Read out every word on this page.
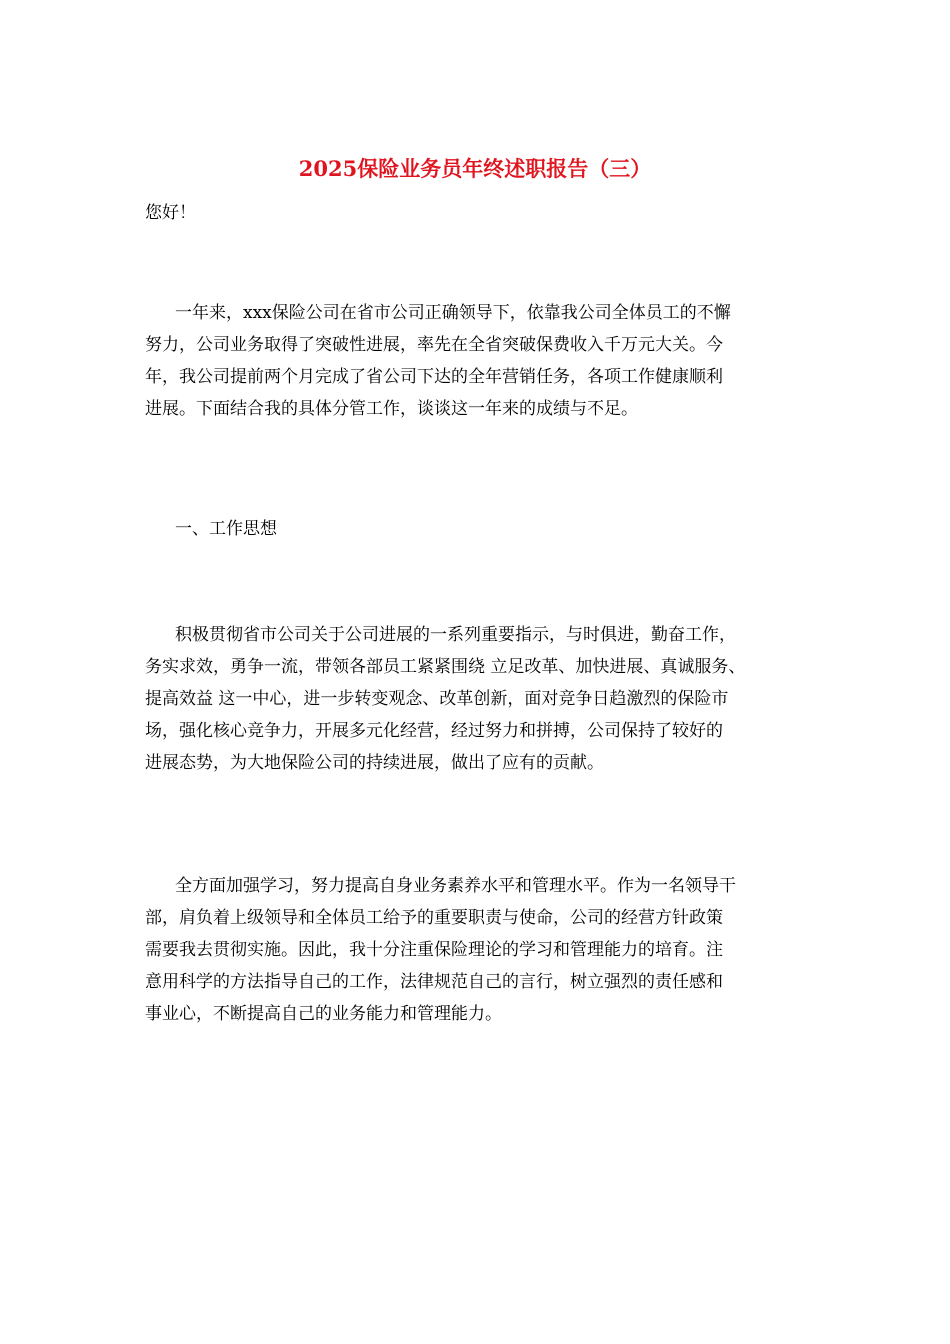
2025保险业务员年终述职报告（三）
您好！
一年来，xxx保险公司在省市公司正确领导下，依靠我公司全体员工的不懈
努力，公司业务取得了突破性进展，率先在全省突破保费收入千万元大关。今
年，我公司提前两个月完成了省公司下达的全年营销任务，各项工作健康顺利
进展。下面结合我的具体分管工作，谈谈这一年来的成绩与不足。
一、工作思想
积极贯彻省市公司关于公司进展的一系列重要指示，与时俱进，勤奋工作，
务实求效，勇争一流，带领各部员工紧紧围绕 立足改革、加快进展、真诚服务、
提高效益 这一中心，进一步转变观念、改革创新，面对竞争日趋激烈的保险市
场，强化核心竞争力，开展多元化经营，经过努力和拼搏，公司保持了较好的
进展态势，为大地保险公司的持续进展，做出了应有的贡献。
全方面加强学习，努力提高自身业务素养水平和管理水平。作为一名领导干
部，肩负着上级领导和全体员工给予的重要职责与使命，公司的经营方针政策
需要我去贯彻实施。因此，我十分注重保险理论的学习和管理能力的培育。注
意用科学的方法指导自己的工作，法律规范自己的言行，树立强烈的责任感和
事业心，不断提高自己的业务能力和管理能力。
